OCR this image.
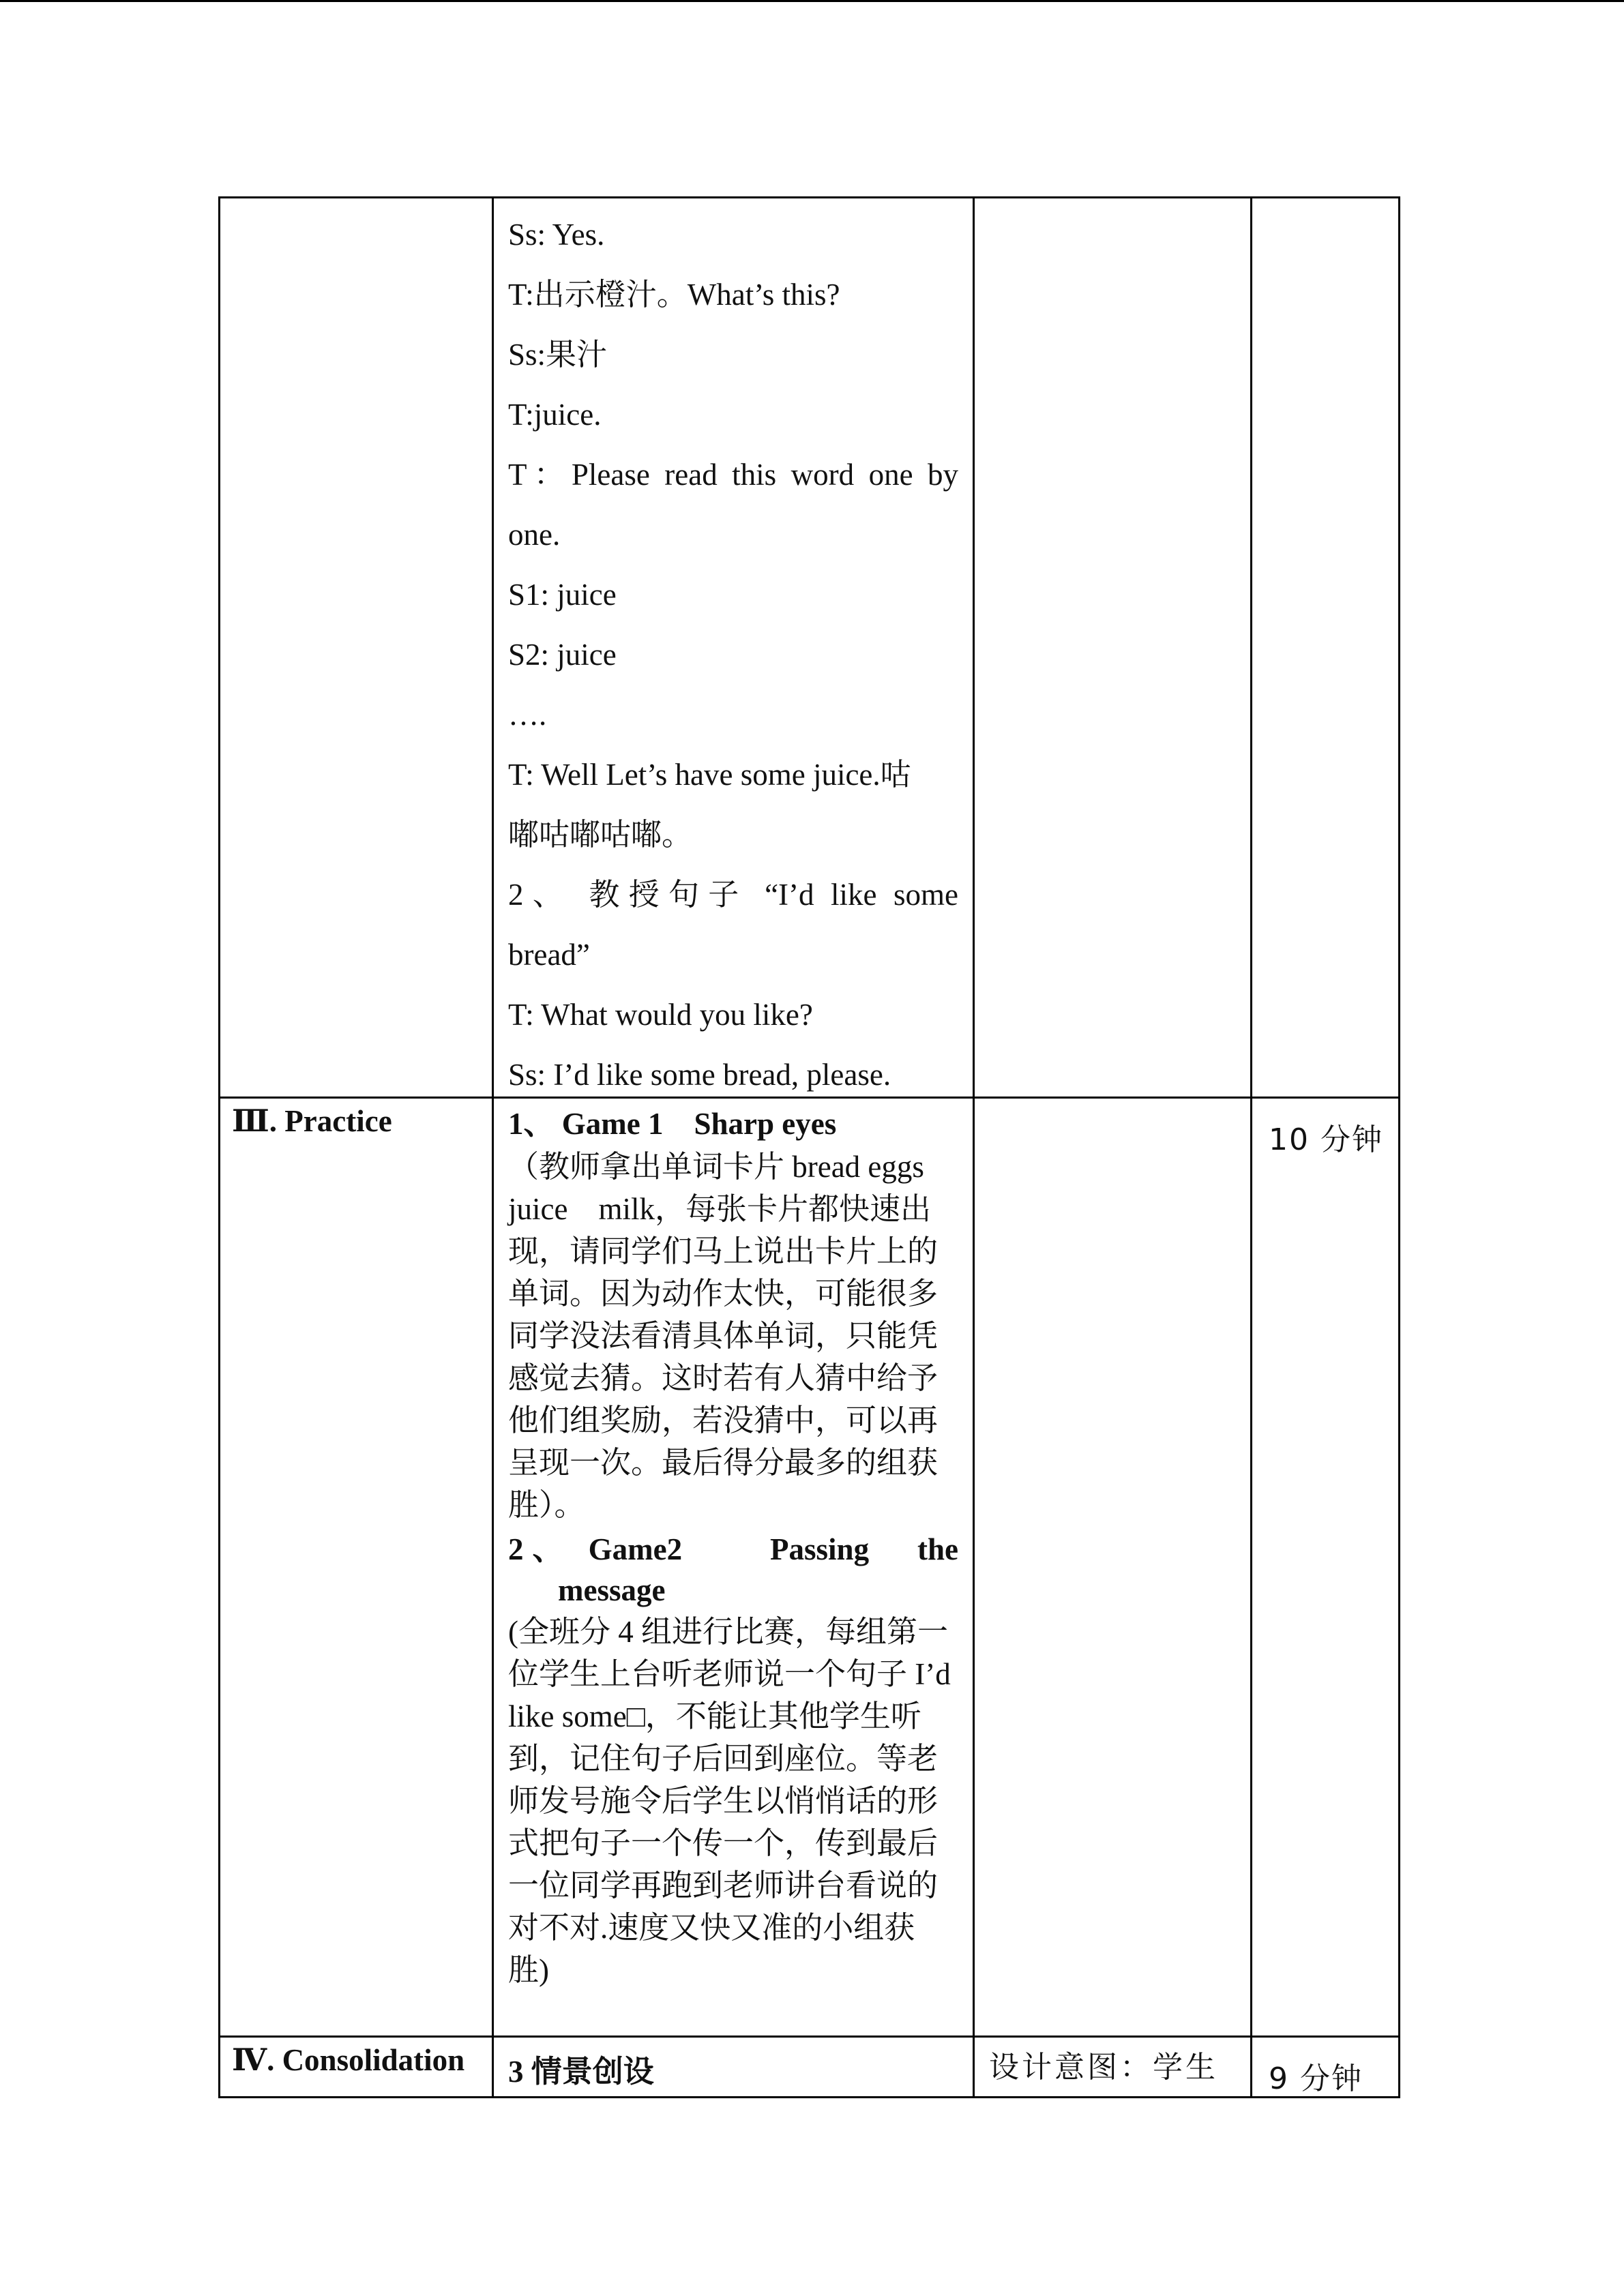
Ss: Yes.
T:出示橙汁。What’s this?
Ss:果汁
T:juice.
T：Please read this word one by
one.
S1: juice
S2: juice
….
T: Well Let’s have some juice.咕
嘟咕嘟咕嘟。
2、 教授句子 “I’d like some
bread”
T: What would you like?
Ss: I’d like some bread, please.
Ⅲ. Practice	1、 Game 1　Sharp eyes
（教师拿出单词卡片 bread eggs juice　milk，每张卡片都快速出现，请同学们马上说出卡片上的单词。因为动作太快，可能很多同学没法看清具体单词，只能凭感觉去猜。这时若有人猜中给予他们组奖励，若没猜中，可以再呈现一次。最后得分最多的组获胜）。
2、 Game2　　Passing　the
message
(全班分 4 组进行比赛，每组第一位学生上台听老师说一个句子 I’d like some□，不能让其他学生听到，记住句子后回到座位。等老师发号施令后学生以悄悄话的形式把句子一个传一个，传到最后一位同学再跑到老师讲台看说的对不对.速度又快又准的小组获胜)
10 分钟
Ⅳ. Consolidation 3 情景创设	设计意图：学生 9 分钟
